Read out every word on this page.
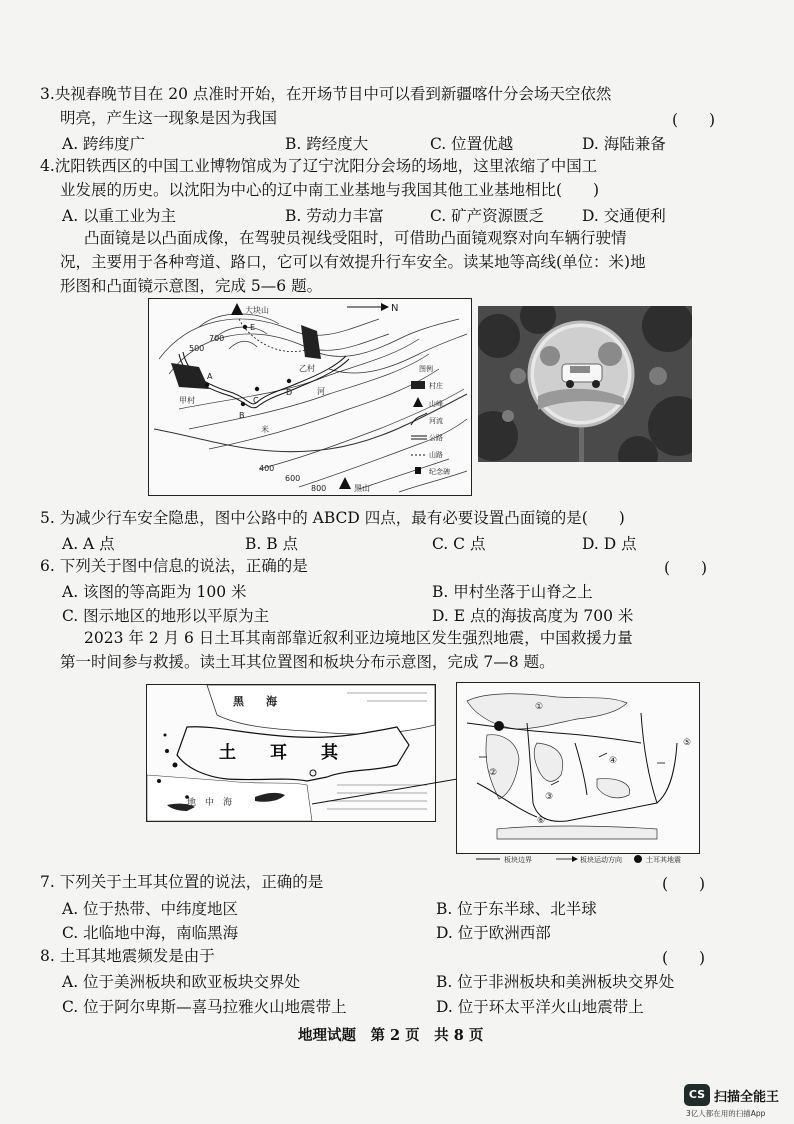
3.央视春晚节目在 20 点准时开始，在开场节目中可以看到新疆喀什分会场天空依然
明亮，产生这一现象是因为我国	(　　)
A. 跨纬度广	B. 跨经度大	C. 位置优越	D. 海陆兼备
4.沈阳铁西区的中国工业博物馆成为了辽宁沈阳分会场的场地，这里浓缩了中国工
业发展的历史。以沈阳为中心的辽中南工业基地与我国其他工业基地相比(　　)
A. 以重工业为主	B. 劳动力丰富	C. 矿产资源匮乏 D. 交通便利
凸面镜是以凸面成像，在驾驶员视线受阻时，可借助凸面镜观察对向车辆行驶情
况，主要用于各种弯道、路口，它可以有效提升行车安全。读某地等高线(单位：米)地
形图和凸面镜示意图，完成 5—6 题。
N
大块山
黑山
甲村
乙村
河
米
A
B
C
D
E
700
500
400
600
800
图例
村庄
山峰
河流
公路
山路
纪念碑
5. 为减少行车安全隐患，图中公路中的 ABCD 四点，最有必要设置凸面镜的是(　　)
A. A 点	B. B 点	C. C 点	D. D 点
6. 下列关于图中信息的说法，正确的是	(　　)
A. 该图的等高距为 100 米	B. 甲村坐落于山脊之上
C. 图示地区的地形以平原为主	D. E 点的海拔高度为 700 米
2023 年 2 月 6 日土耳其南部靠近叙利亚边境地区发生强烈地震，中国救援力量
第一时间参与救援。读土耳其位置图和板块分布示意图，完成 7—8 题。
黑　　海
土　　耳　　其
地　中　海
①
②
③
④
⑤
⑥
板块边界	板块运动方向	土耳其地震
7. 下列关于土耳其位置的说法，正确的是	(　　)
A. 位于热带、中纬度地区	B. 位于东半球、北半球
C. 北临地中海，南临黑海	D. 位于欧洲西部
8. 土耳其地震频发是由于	(　　)
A. 位于美洲板块和欧亚板块交界处	B. 位于非洲板块和美洲板块交界处
C. 位于阿尔卑斯—喜马拉雅火山地震带上	D. 位于环太平洋火山地震带上
地理试题　第 2 页　共 8 页
CS 扫描全能王
3亿人都在用的扫描App
